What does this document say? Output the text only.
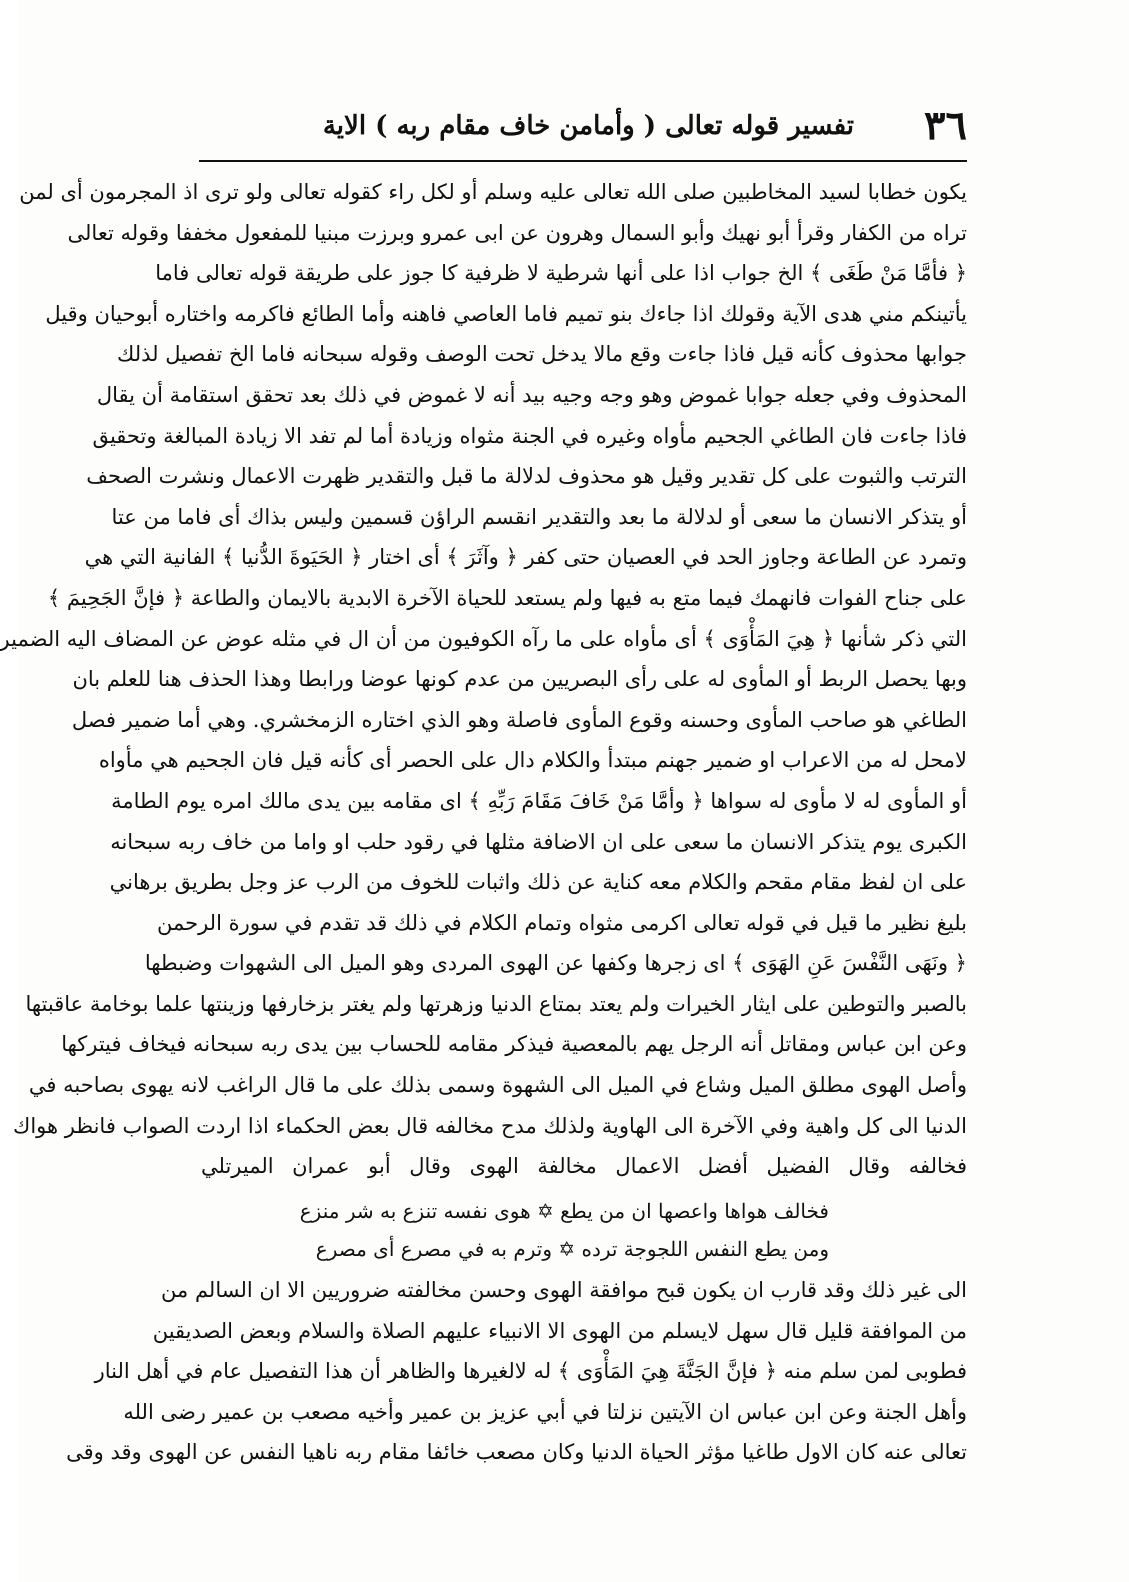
٣٦
تفسير قوله تعالى ( وأمامن خاف مقام ربه ) الاية
يكون خطابا لسيد المخاطبين صلى الله تعالى عليه وسلم أو لكل راء كقوله تعالى ولو ترى اذ المجرمون أى لمن
تراه من الكفار وقرأ أبو نهيك وأبو السمال وهرون عن ابى عمرو وبرزت مبنيا للمفعول مخففا وقوله تعالى
﴿ فأمَّا مَنْ طَغَى ﴾ الخ جواب اذا على أنها شرطية لا ظرفية كا جوز على طريقة قوله تعالى فاما
يأتينكم مني هدى الآية وقولك اذا جاءك بنو تميم فاما العاصي فاهنه وأما الطائع فاكرمه واختاره أبوحيان وقيل
جوابها محذوف كأنه قيل فاذا جاءت وقع مالا يدخل تحت الوصف وقوله سبحانه فاما الخ تفصيل لذلك
المحذوف وفي جعله جوابا غموض وهو وجه وجيه بيد أنه لا غموض في ذلك بعد تحقق استقامة أن يقال
فاذا جاءت فان الطاغي الجحيم مأواه وغيره في الجنة مثواه وزيادة أما لم تفد الا زيادة المبالغة وتحقيق
الترتب والثبوت على كل تقدير وقيل هو محذوف لدلالة ما قبل والتقدير ظهرت الاعمال ونشرت الصحف
أو يتذكر الانسان ما سعى أو لدلالة ما بعد والتقدير انقسم الراؤن قسمين وليس بذاك أى فاما من عتا
وتمرد عن الطاعة وجاوز الحد في العصيان حتى كفر ﴿ وآثَرَ ﴾ أى اختار ﴿ الحَيَوةَ الدُّنيا ﴾ الفانية التي هي
على جناح الفوات فانهمك فيما متع به فيها ولم يستعد للحياة الآخرة الابدية بالايمان والطاعة ﴿ فإنَّ الجَحِيمَ ﴾
التي ذكر شأنها ﴿ هِيَ المَأْوَى ﴾ أى مأواه على ما رآه الكوفيون من أن ال في مثله عوض عن المضاف اليه الضمير
وبها يحصل الربط أو المأوى له على رأى البصريين من عدم كونها عوضا ورابطا وهذا الحذف هنا للعلم بان
الطاغي هو صاحب المأوى وحسنه وقوع المأوى فاصلة وهو الذي اختاره الزمخشري. وهي أما ضمير فصل
لامحل له من الاعراب او ضمير جهنم مبتدأ والكلام دال على الحصر أى كأنه قيل فان الجحيم هي مأواه
أو المأوى له لا مأوى له سواها ﴿ وأمَّا مَنْ خَافَ مَقَامَ رَبِّهِ ﴾ اى مقامه بين يدى مالك امره يوم الطامة
الكبرى يوم يتذكر الانسان ما سعى على ان الاضافة مثلها في رقود حلب او واما من خاف ربه سبحانه
على ان لفظ مقام مقحم والكلام معه كناية عن ذلك واثبات للخوف من الرب عز وجل بطريق برهاني
بليغ نظير ما قيل في قوله تعالى اكرمى مثواه وتمام الكلام في ذلك قد تقدم في سورة الرحمن
﴿ ونَهَى النَّفْسَ عَنِ الهَوَى ﴾ اى زجرها وكفها عن الهوى المردى وهو الميل الى الشهوات وضبطها
بالصبر والتوطين على ايثار الخيرات ولم يعتد بمتاع الدنيا وزهرتها ولم يغتر بزخارفها وزينتها علما بوخامة عاقبتها
وعن ابن عباس ومقاتل أنه الرجل يهم بالمعصية فيذكر مقامه للحساب بين يدى ربه سبحانه فيخاف فيتركها
وأصل الهوى مطلق الميل وشاع في الميل الى الشهوة وسمى بذلك على ما قال الراغب لانه يهوى بصاحبه في
الدنيا الى كل واهية وفي الآخرة الى الهاوية ولذلك مدح مخالفه قال بعض الحكماء اذا اردت الصواب فانظر هواك
فخالفه وقال الفضيل أفضل الاعمال مخالفة الهوى وقال أبو عمران الميرتلي
فخالف هواها واعصها ان من يطع ✡ هوى نفسه تنزع به شر منزع
ومن يطع النفس اللجوجة ترده ✡ وترم به في مصرع أى مصرع
الى غير ذلك وقد قارب ان يكون قبح موافقة الهوى وحسن مخالفته ضروريين الا ان السالم من
من الموافقة قليل قال سهل لايسلم من الهوى الا الانبياء عليهم الصلاة والسلام وبعض الصديقين
فطوبى لمن سلم منه ﴿ فإنَّ الجَنَّةَ هِيَ المَأْوَى ﴾ له لالغيرها والظاهر أن هذا التفصيل عام في أهل النار
وأهل الجنة وعن ابن عباس ان الآيتين نزلتا في أبي عزيز بن عمير وأخيه مصعب بن عمير رضى الله
تعالى عنه كان الاول طاغيا مؤثر الحياة الدنيا وكان مصعب خائفا مقام ربه ناهيا النفس عن الهوى وقد وقى
